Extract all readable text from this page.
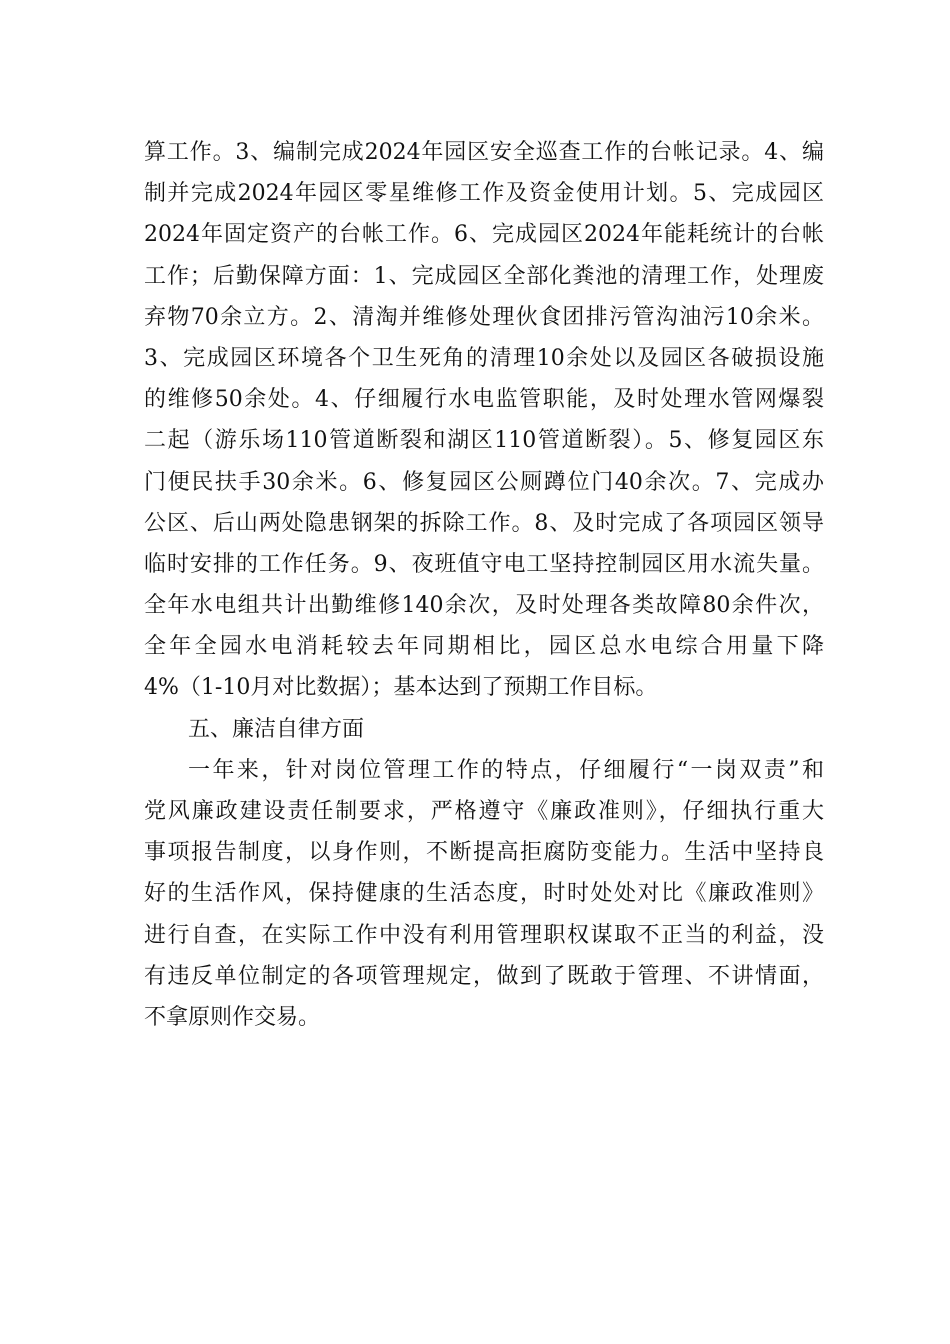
算工作。3、编制完成2024年园区安全巡查工作的台帐记录。4、编
制并完成2024年园区零星维修工作及资金使用计划。5、完成园区
2024年固定资产的台帐工作。6、完成园区2024年能耗统计的台帐
工作；后勤保障方面：1、完成园区全部化粪池的清理工作，处理废
弃物70余立方。2、清淘并维修处理伙食团排污管沟油污10余米。
3、完成园区环境各个卫生死角的清理10余处以及园区各破损设施
的维修50余处。4、仔细履行水电监管职能，及时处理水管网爆裂
二起（游乐场110管道断裂和湖区110管道断裂）。5、修复园区东
门便民扶手30余米。6、修复园区公厕蹲位门40余次。7、完成办
公区、后山两处隐患钢架的拆除工作。8、及时完成了各项园区领导
临时安排的工作任务。9、夜班值守电工坚持控制园区用水流失量。
全年水电组共计出勤维修140余次，及时处理各类故障80余件次，
全年全园水电消耗较去年同期相比，园区总水电综合用量下降
4%（1-10月对比数据）；基本达到了预期工作目标。
五、廉洁自律方面
一年来，针对岗位管理工作的特点，仔细履行“一岗双责”和
党风廉政建设责任制要求，严格遵守《廉政准则》，仔细执行重大
事项报告制度，以身作则，不断提高拒腐防变能力。生活中坚持良
好的生活作风，保持健康的生活态度，时时处处对比《廉政准则》
进行自查，在实际工作中没有利用管理职权谋取不正当的利益，没
有违反单位制定的各项管理规定，做到了既敢于管理、不讲情面，
不拿原则作交易。
